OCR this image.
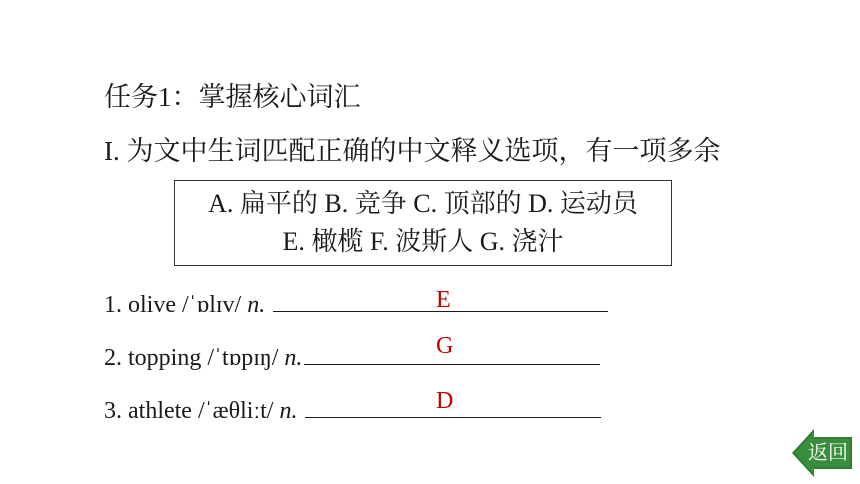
任务1：掌握核心词汇
I. 为文中生词匹配正确的中文释义选项，有一项多余
A. 扁平的 B. 竞争 C. 顶部的 D. 运动员
E. 橄榄 F. 波斯人 G. 浇汁
1. olive /ˈɒlɪv/ n.	E
2. topping /ˈtɒpɪŋ/ n.	G
3. athlete /ˈæθliːt/ n.	D
返回
